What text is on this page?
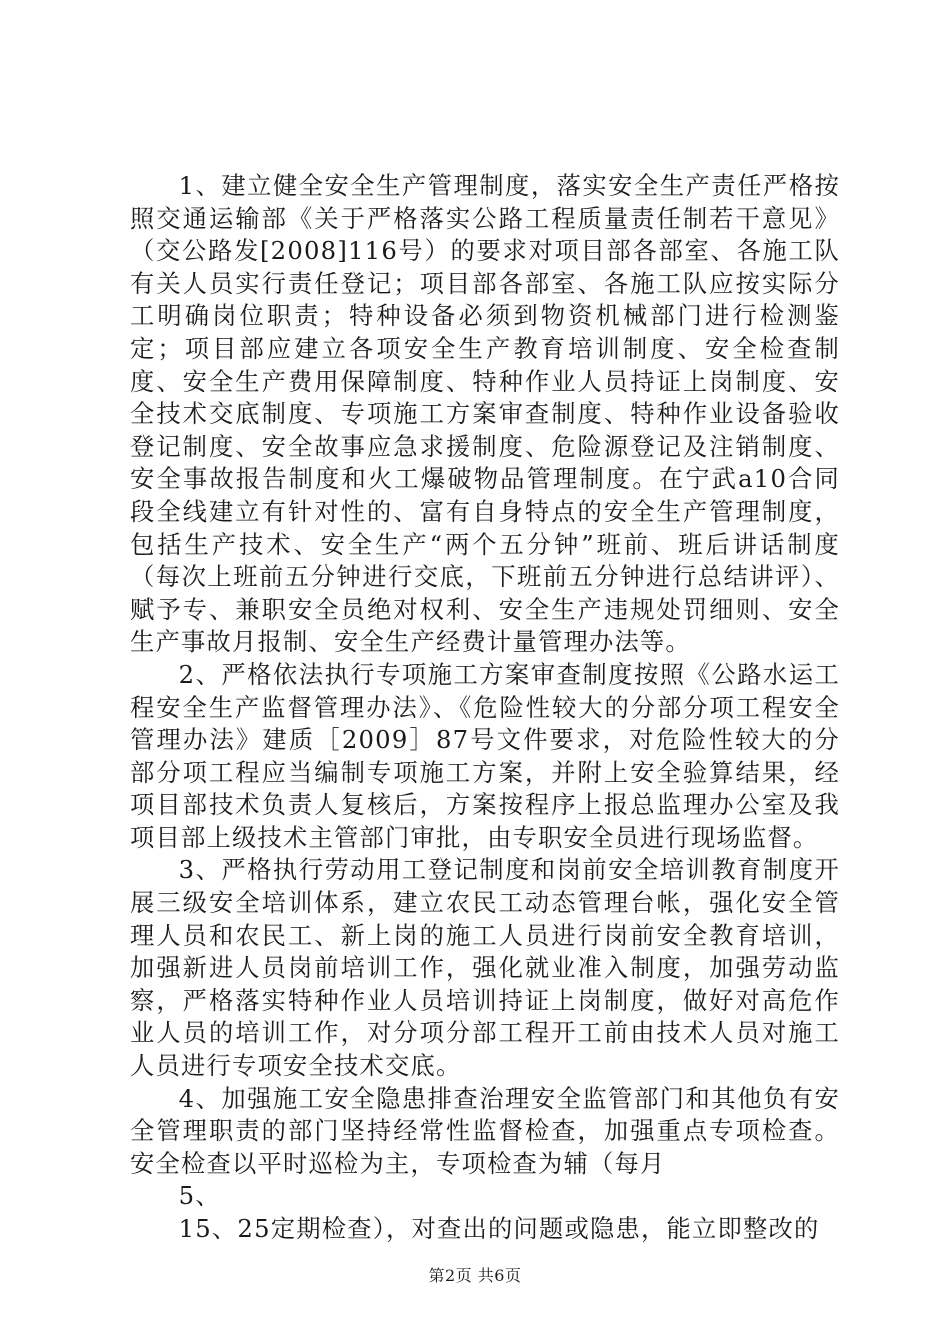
1、建立健全安全生产管理制度，落实安全生产责任严格按照交通运输部《关于严格落实公路工程质量责任制若干意见》（交公路发[2008]116号）的要求对项目部各部室、各施工队有关人员实行责任登记；项目部各部室、各施工队应按实际分工明确岗位职责；特种设备必须到物资机械部门进行检测鉴定；项目部应建立各项安全生产教育培训制度、安全检查制度、安全生产费用保障制度、特种作业人员持证上岗制度、安全技术交底制度、专项施工方案审查制度、特种作业设备验收登记制度、安全故事应急求援制度、危险源登记及注销制度、安全事故报告制度和火工爆破物品管理制度。在宁武a10合同段全线建立有针对性的、富有自身特点的安全生产管理制度，包括生产技术、安全生产“两个五分钟”班前、班后讲话制度（每次上班前五分钟进行交底，下班前五分钟进行总结讲评）、赋予专、兼职安全员绝对权利、安全生产违规处罚细则、安全生产事故月报制、安全生产经费计量管理办法等。

2、严格依法执行专项施工方案审查制度按照《公路水运工程安全生产监督管理办法》、《危险性较大的分部分项工程安全管理办法》建质［2009］87号文件要求，对危险性较大的分部分项工程应当编制专项施工方案，并附上安全验算结果，经项目部技术负责人复核后，方案按程序上报总监理办公室及我项目部上级技术主管部门审批，由专职安全员进行现场监督。

3、严格执行劳动用工登记制度和岗前安全培训教育制度开展三级安全培训体系，建立农民工动态管理台帐，强化安全管理人员和农民工、新上岗的施工人员进行岗前安全教育培训，加强新进人员岗前培训工作，强化就业准入制度，加强劳动监察，严格落实特种作业人员培训持证上岗制度，做好对高危作业人员的培训工作，对分项分部工程开工前由技术人员对施工人员进行专项安全技术交底。

4、加强施工安全隐患排查治理安全监管部门和其他负有安全管理职责的部门坚持经常性监督检查，加强重点专项检查。安全检查以平时巡检为主，专项检查为辅（每月

5、

15、25定期检查），对查出的问题或隐患，能立即整改的

第2页 共6页
